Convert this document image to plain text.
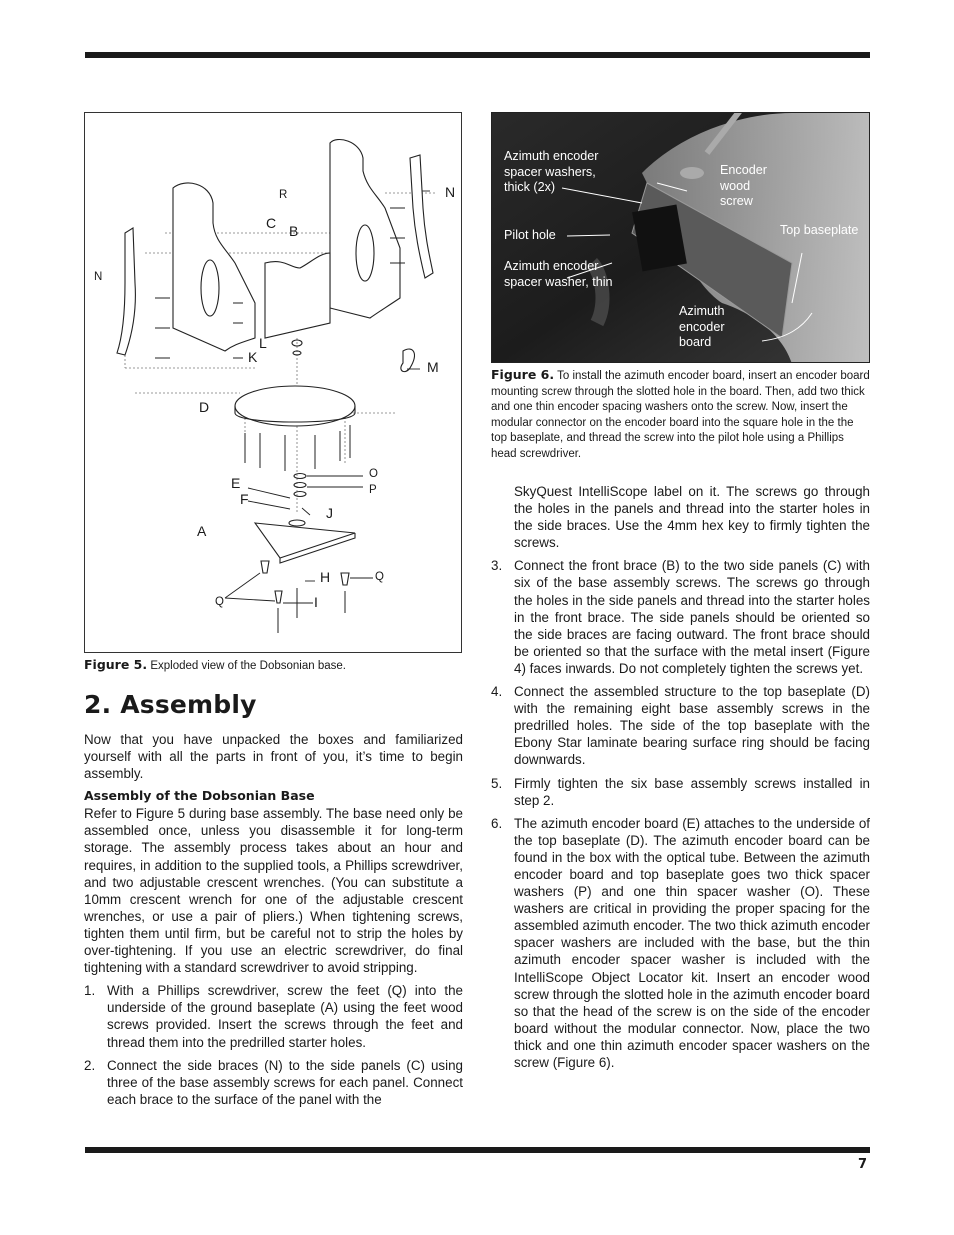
N
R
C B
N
L
K
M
D
O
E	P
F
J
A
H	Q
I
Q
Figure 5. Exploded view of the Dobsonian base.
Azimuth encoder spacer washers, thick (2x)
Encoder wood screw
Pilot hole	Top baseplate
Azimuth encoder spacer washer, thin
Azimuth encoder board
Figure 6. To install the azimuth encoder board, insert an encoder board mounting screw through the slotted hole in the board. Then, add two thick and one thin encoder spacing washers onto the screw. Now, insert the modular connector on the encoder board into the square hole in the the top baseplate, and thread the screw into the pilot hole using a Phillips head screwdriver.
2. Assembly

Now that you have unpacked the boxes and familiarized yourself with all the parts in front of you, it’s time to begin assembly.

Assembly of the Dobsonian Base

Refer to Figure 5 during base assembly. The base need only be assembled once, unless you disassemble it for long-term storage. The assembly process takes about an hour and requires, in addition to the supplied tools, a Phillips screwdriver, and two adjustable crescent wrenches. (You can substitute a 10mm crescent wrench for one of the adjustable crescent wrenches, or use a pair of pliers.) When tightening screws, tighten them until firm, but be careful not to strip the holes by over-tightening. If you use an electric screwdriver, do final tightening with a standard screwdriver to avoid stripping.

1. With a Phillips screwdriver, screw the feet (Q) into the underside of the ground baseplate (A) using the feet wood screws provided. Insert the screws through the feet and thread them into the predrilled starter holes.
2. Connect the side braces (N) to the side panels (C) using three of the base assembly screws for each panel. Connect each brace to the surface of the panel with the

SkyQuest IntelliScope label on it. The screws go through the holes in the panels and thread into the starter holes in the side braces. Use the 4mm hex key to firmly tighten the screws.

3. Connect the front brace (B) to the two side panels (C) with six of the base assembly screws. The screws go through the holes in the side panels and thread into the starter holes in the front brace. The side panels should be oriented so the side braces are facing outward. The front brace should be oriented so that the surface with the metal insert (Figure 4) faces inwards. Do not completely tighten the screws yet.
4. Connect the assembled structure to the top baseplate (D) with the remaining eight base assembly screws in the predrilled holes. The side of the top baseplate with the Ebony Star laminate bearing surface ring should be facing downwards.
5. Firmly tighten the six base assembly screws installed in step 2.
6. The azimuth encoder board (E) attaches to the underside of the top baseplate (D). The azimuth encoder board can be found in the box with the optical tube. Between the azimuth encoder board and top baseplate goes two thick spacer washers (P) and one thin spacer washer (O). These washers are critical in providing the proper spacing for the assembled azimuth encoder. The two thick azimuth encoder spacer washers are included with the base, but the thin azimuth encoder spacer washer is included with the IntelliScope Object Locator kit. Insert an encoder wood screw through the slotted hole in the azimuth encoder board so that the head of the screw is on the side of the encoder board without the modular connector. Now, place the two thick and one thin azimuth encoder spacer washers on the screw (Figure 6).
7
